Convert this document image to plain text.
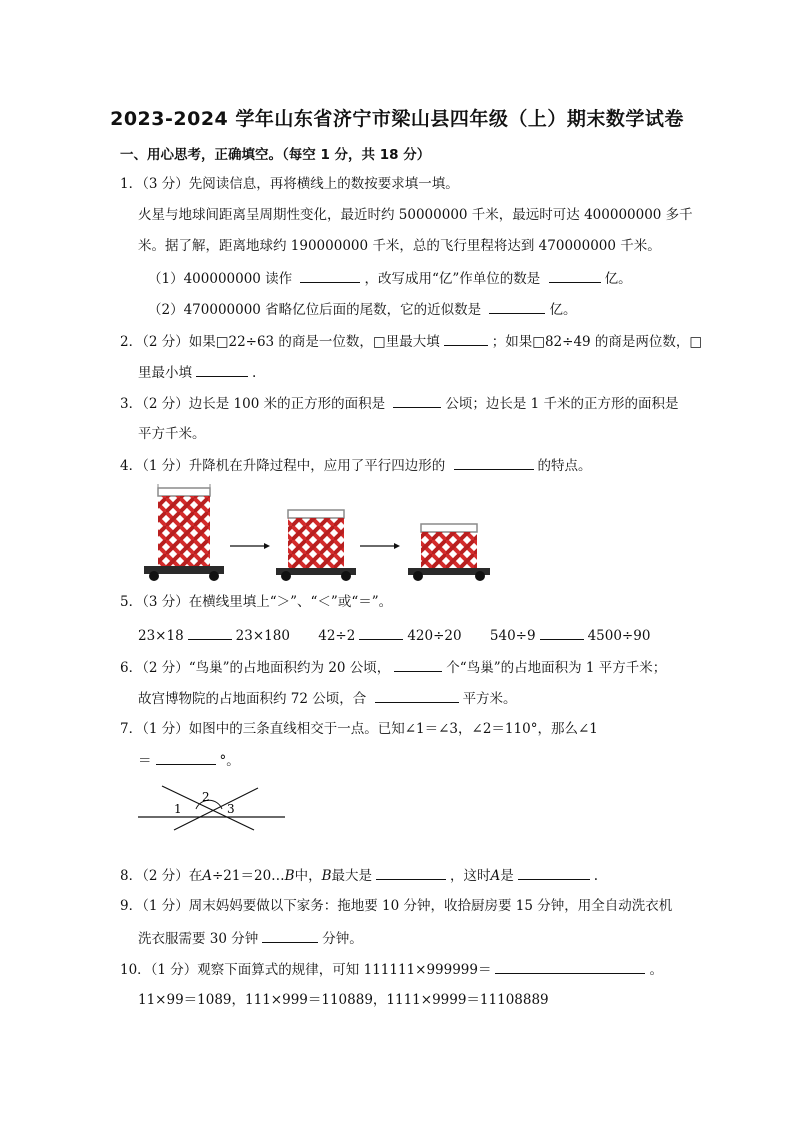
2023-2024 学年山东省济宁市梁山县四年级（上）期末数学试卷
一、用心思考，正确填空。（每空 1 分，共 18 分）
1．（3 分）先阅读信息，再将横线上的数按要求填一填。
火星与地球间距离呈周期性变化，最近时约 50000000 千米，最远时可达 400000000 多千
米。据了解，距离地球约 190000000 千米，总的飞行里程将达到 470000000 千米。
（1）400000000 读作	，改写成用“亿”作单位的数是	亿。
（2）470000000 省略亿位后面的尾数，它的近似数是	亿。
2．（2 分）如果□22÷63 的商是一位数，□里最大填	；如果□82÷49 的商是两位数，□
里最小填	.
3．（2 分）边长是 100 米的正方形的面积是	公顷；边长是 1 千米的正方形的面积是
平方千米。
4．（1 分）升降机在升降过程中，应用了平行四边形的	的特点。
5．（3 分）在横线里填上“＞”、“＜”或“＝”。
23×18	23×180 42÷2	420÷20 540÷9	4500÷90
6．（2 分）“鸟巢”的占地面积约为 20 公顷，	个“鸟巢”的占地面积为 1 平方千米；
故宫博物院的占地面积约 72 公顷，合	平方米。
7．（1 分）如图中的三条直线相交于一点。已知∠1＝∠3，∠2＝110°，那么∠1
＝	°。
1
2
3
8．（2 分）在A÷21＝20…B中，B最大是	，这时A是	.
9．（1 分）周末妈妈要做以下家务：拖地要 10 分钟，收拾厨房要 15 分钟，用全自动洗衣机
洗衣服需要 30 分钟	分钟。
10．（1 分）观察下面算式的规律，可知 111111×999999＝	。
11×99＝1089，111×999＝110889，1111×9999＝11108889
